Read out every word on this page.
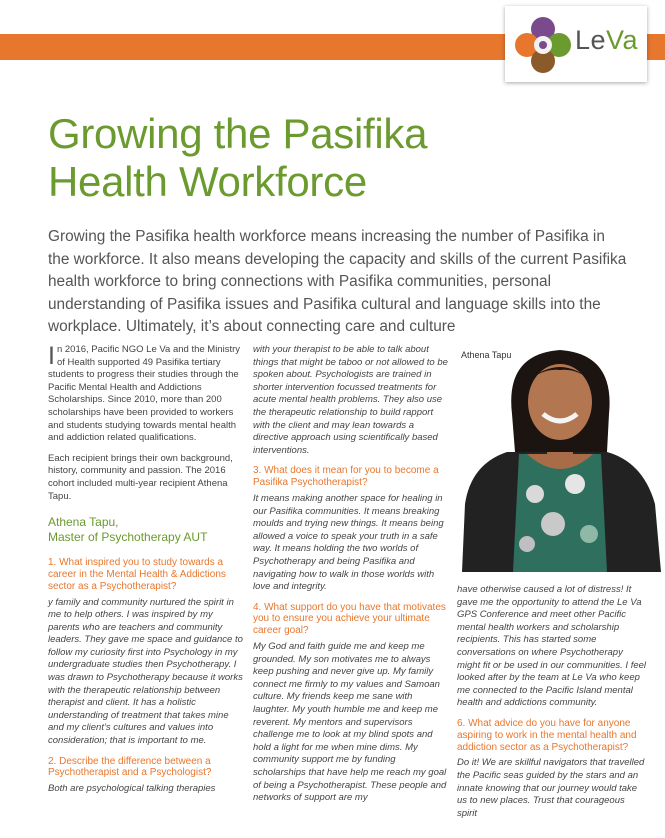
LeVa
Growing the Pasifika
Health Workforce

Growing the Pasifika health workforce means increasing the number of Pasifika in the workforce. It also means developing the capacity and skills of the current Pasifika health workforce to bring connections with Pasifika communities, personal understanding of Pasifika issues and Pasifika cultural and language skills into the workplace. Ultimately, it’s about connecting care and culture

Athena Tapu

In 2016, Pacific NGO Le Va and the Ministry of Health supported 49 Pasifika tertiary students to progress their studies through the Pacific Mental Health and Addictions Scholarships. Since 2010, more than 200 scholarships have been provided to workers and students studying towards mental health and addiction related qualifications.

Each recipient brings their own background, history, community and passion. The 2016 cohort included multi-year recipient Athena Tapu.

Athena Tapu,
Master of Psychotherapy AUT
1. What inspired you to study towards a career in the Mental Health & Addictions sector as a Psychotherapist?

y family and community nurtured the spirit in me to help others. I was inspired by my parents who are teachers and community leaders. They gave me space and guidance to follow my curiosity first into Psychology in my undergraduate studies then Psychotherapy. I was drawn to Psychotherapy because it works with the therapeutic relationship between therapist and client. It has a holistic understanding of treatment that takes mine and my client’s cultures and values into consideration; that is important to me.

2. Describe the difference between a Psychotherapist and a Psychologist?

Both are psychological talking therapies

with your therapist to be able to talk about things that might be taboo or not allowed to be spoken about. Psychologists are trained in shorter intervention focussed treatments for acute mental health problems. They also use the therapeutic relationship to build rapport with the client and may lean towards a directive approach using scientifically based interventions.

3. What does it mean for you to become a Pasifika Psychotherapist?

It means making another space for healing in our Pasifika communities. It means breaking moulds and trying new things. It means being allowed a voice to speak your truth in a safe way. It means holding the two worlds of Psychotherapy and being Pasifika and navigating how to walk in those worlds with love and integrity.

4. What support do you have that motivates you to ensure you achieve your ultimate career goal?

My God and faith guide me and keep me grounded. My son motivates me to always keep pushing and never give up. My family connect me firmly to my values and Samoan culture. My friends keep me sane with laughter. My youth humble me and keep me reverent. My mentors and supervisors challenge me to look at my blind spots and hold a light for me when mine dims. My community support me by funding scholarships that have help me reach my goal of being a Psychotherapist. These people and networks of support are my

have otherwise caused a lot of distress! It gave me the opportunity to attend the Le Va GPS Conference and meet other Pacific mental health workers and scholarship recipients. This has started some conversations on where Psychotherapy might fit or be used in our communities. I feel looked after by the team at Le Va who keep me connected to the Pacific Island mental health and addictions community.

6. What advice do you have for anyone aspiring to work in the mental health and addiction sector as a Psychotherapist?

Do it! We are skillful navigators that travelled the Pacific seas guided by the stars and an innate knowing that our journey would take us to new places. Trust that courageous spirit
